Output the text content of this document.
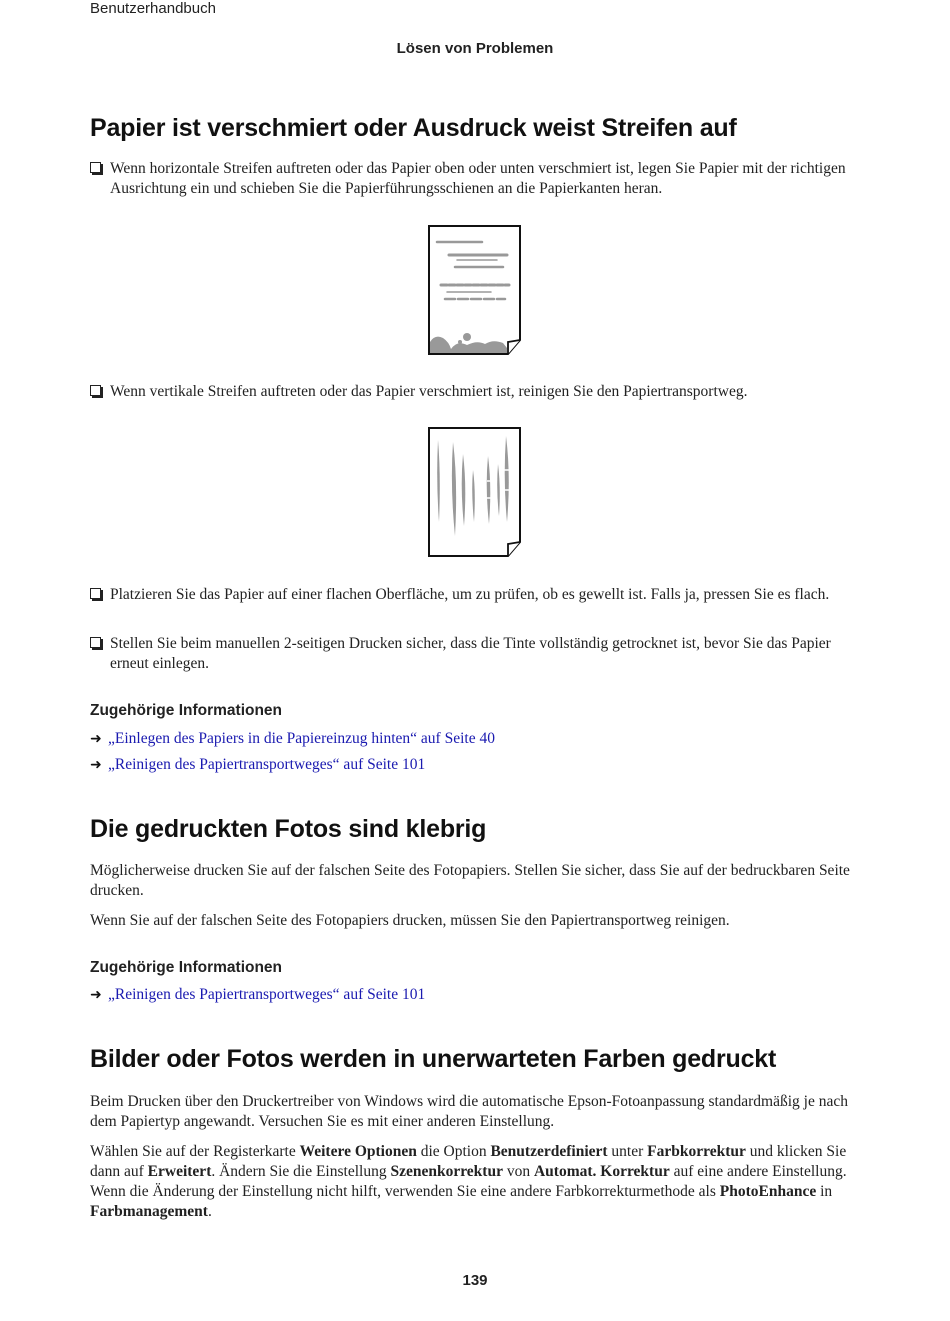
Benutzerhandbuch
Lösen von Problemen
Papier ist verschmiert oder Ausdruck weist Streifen auf
Wenn horizontale Streifen auftreten oder das Papier oben oder unten verschmiert ist, legen Sie Papier mit der richtigen Ausrichtung ein und schieben Sie die Papierführungsschienen an die Papierkanten heran.
Wenn vertikale Streifen auftreten oder das Papier verschmiert ist, reinigen Sie den Papiertransportweg.
Platzieren Sie das Papier auf einer flachen Oberfläche, um zu prüfen, ob es gewellt ist. Falls ja, pressen Sie es flach.
Stellen Sie beim manuellen 2-seitigen Drucken sicher, dass die Tinte vollständig getrocknet ist, bevor Sie das Papier erneut einlegen.
Zugehörige Informationen
➜ „Einlegen des Papiers in die Papiereinzug hinten“ auf Seite 40
➜ „Reinigen des Papiertransportweges“ auf Seite 101
Die gedruckten Fotos sind klebrig
Möglicherweise drucken Sie auf der falschen Seite des Fotopapiers. Stellen Sie sicher, dass Sie auf der bedruckbaren Seite drucken.
Wenn Sie auf der falschen Seite des Fotopapiers drucken, müssen Sie den Papiertransportweg reinigen.
Zugehörige Informationen
➜ „Reinigen des Papiertransportweges“ auf Seite 101
Bilder oder Fotos werden in unerwarteten Farben gedruckt
Beim Drucken über den Druckertreiber von Windows wird die automatische Epson-Fotoanpassung standardmäßig je nach dem Papiertyp angewandt. Versuchen Sie es mit einer anderen Einstellung.
Wählen Sie auf der Registerkarte Weitere Optionen die Option Benutzerdefiniert unter Farbkorrektur und klicken Sie dann auf Erweitert. Ändern Sie die Einstellung Szenenkorrektur von Automat. Korrektur auf eine andere Einstellung. Wenn die Änderung der Einstellung nicht hilft, verwenden Sie eine andere Farbkorrekturmethode als PhotoEnhance in Farbmanagement.
139
